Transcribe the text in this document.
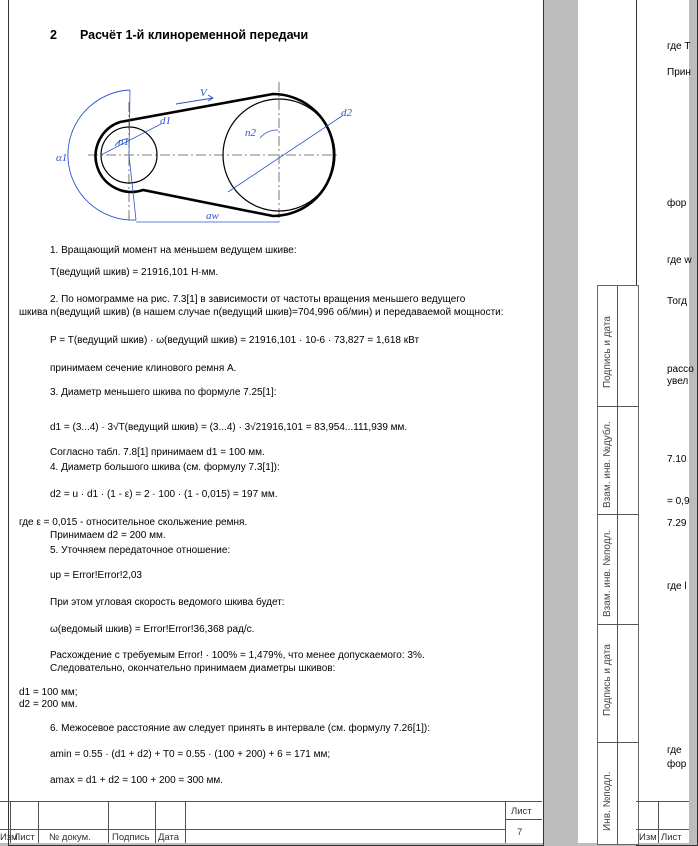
2 Расчёт 1-й клиноременной передачи
V
d1
n1
n2
d2
α1
aw
1. Вращающий момент на меньшем ведущем шкиве:
T(ведущий шкив) = 21916,101 Н·мм.
2. По номограмме на рис. 7.3[1] в зависимости от частоты вращения меньшего ведущего
шкива n(ведущий шкив) (в нашем случае n(ведущий шкив)=704,996 об/мин) и передаваемой мощности:
P = T(ведущий шкив) · ω(ведущий шкив) = 21916,101 · 10-6 · 73,827 = 1,618 кВт
принимаем сечение клинового ремня A.
3. Диаметр меньшего шкива по формуле 7.25[1]:
d1 = (3...4) · 3√T(ведущий шкив) = (3...4) · 3√21916,101 = 83,954...111,939 мм.
Согласно табл. 7.8[1] принимаем d1 = 100 мм.
4. Диаметр большого шкива (см. формулу 7.3[1]):
d2 = u · d1 · (1 - ε) = 2 · 100 · (1 - 0,015) = 197 мм.
где ε = 0,015 - относительное скольжение ремня.
Принимаем d2 = 200 мм.
5. Уточняем передаточное отношение:
uр = Error!Error!2,03
При этом угловая скорость ведомого шкива будет:
ω(ведомый шкив) = Error!Error!36,368 рад/с.
Расхождение с требуемым Error! · 100% = 1,479%, что менее допускаемого: 3%.
Следовательно, окончательно принимаем диаметры шкивов:
d1 = 100 мм;
d2 = 200 мм.
6. Межосевое расстояние aw следует принять в интервале (см. формулу 7.26[1]):
amin = 0.55 · (d1 + d2) + T0 = 0.55 · (100 + 200) + 6 = 171 мм;
amax = d1 + d2 = 100 + 200 = 300 мм.
Изм
Лист № докум. Подпись Дата
Лист
7
Подпись и дата
Взам. инв. №дубл.
Взам. инв. №подл.
Подпись и дата
Инв. №подл.
где T
Прин
фор
где w
Тогд
рассо
увел
7.10
= 0,9
7.29
где l
где
фор
Изм Лист
